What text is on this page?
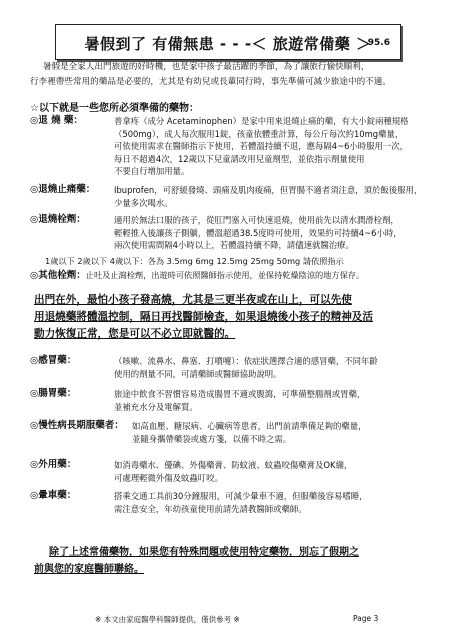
暑假到了 有備無患 - - -＜ 旅遊常備藥 ＞
95.6

暑假是全家人出門旅遊的好時機，也是家中孩子最活躍的季節，為了讓旅行愉快順利，

行李裡帶些常用的藥品是必要的，尤其是有幼兒或長輩同行時，事先準備可減少旅途中的不適。

☆以下就是一些您所必須準備的藥物：
◎退 燒 藥：	普拿疼（成分 Acetaminophen）是家中用來退燒止痛的藥，有大小錠兩種規格

（500mg），成人每次服用1錠，孩童依體重計算，每公斤每次約10mg藥量，

可依使用需求在醫師指示下使用，若體溫持續不退，應每隔4~6小時服用一次，

每日不超過4次，12歲以下兒童請改用兒童劑型，並依指示劑量使用

不要自行增加用量。

◎退燒止痛藥：	Ibuprofen，可舒緩發燒、頭痛及肌肉痠痛，但胃腸不適者須注意，須於飯後服用，

少量多次喝水。

◎退燒栓劑：	適用於無法口服的孩子，從肛門塞入可快速退燒，使用前先以清水潤滑栓劑，

輕輕推入後讓孩子側躺，體溫超過38.5度時可使用，效果約可持續4~6小時，

兩次使用需間隔4小時以上，若體溫持續不降，請儘速就醫治療。

1歲以下 2歲以下 4歲以下：各為 3.5mg 6mg 12.5mg 25mg 50mg 請依照指示
◎其他栓劑：止吐及止瀉栓劑，出遊時可依照醫師指示使用，並保持乾燥陰涼的地方保存。

出門在外，最怕小孩子發高燒，尤其是三更半夜或在山上，可以先使

用退燒藥將體溫控制，隔日再找醫師檢查，如果退燒後小孩子的精神及活

動力恢復正常，您是可以不必立即就醫的。

◎感冒藥：	（咳嗽、流鼻水、鼻塞、打噴嚏）：依症狀選擇合適的感冒藥，不同年齡

使用的劑量不同，可請藥師或醫師協助說明。

◎腸胃藥：	旅途中飲食不習慣容易造成腸胃不適或腹瀉，可準備整腸劑或胃藥，

並補充水分及電解質。

◎慢性病長期服藥者： 如高血壓、糖尿病、心臟病等患者，出門前請準備足夠的藥量，

並隨身攜帶藥袋或處方箋，以備不時之需。

◎外用藥：	如消毒藥水、優碘、外傷藥膏、防蚊液、蚊蟲咬傷藥膏及OK繃，

可處理輕微外傷及蚊蟲叮咬。

◎暈車藥：	搭乘交通工具前30分鐘服用，可減少暈車不適，但服藥後容易嗜睡，

需注意安全，年幼孩童使用前請先請教醫師或藥師。

除了上述常備藥物，如果您有特殊問題或使用特定藥物，別忘了假期之

前與您的家庭醫師聯絡。

※ 本文由家庭醫學科醫師提供，僅供參考 ※	Page 3
